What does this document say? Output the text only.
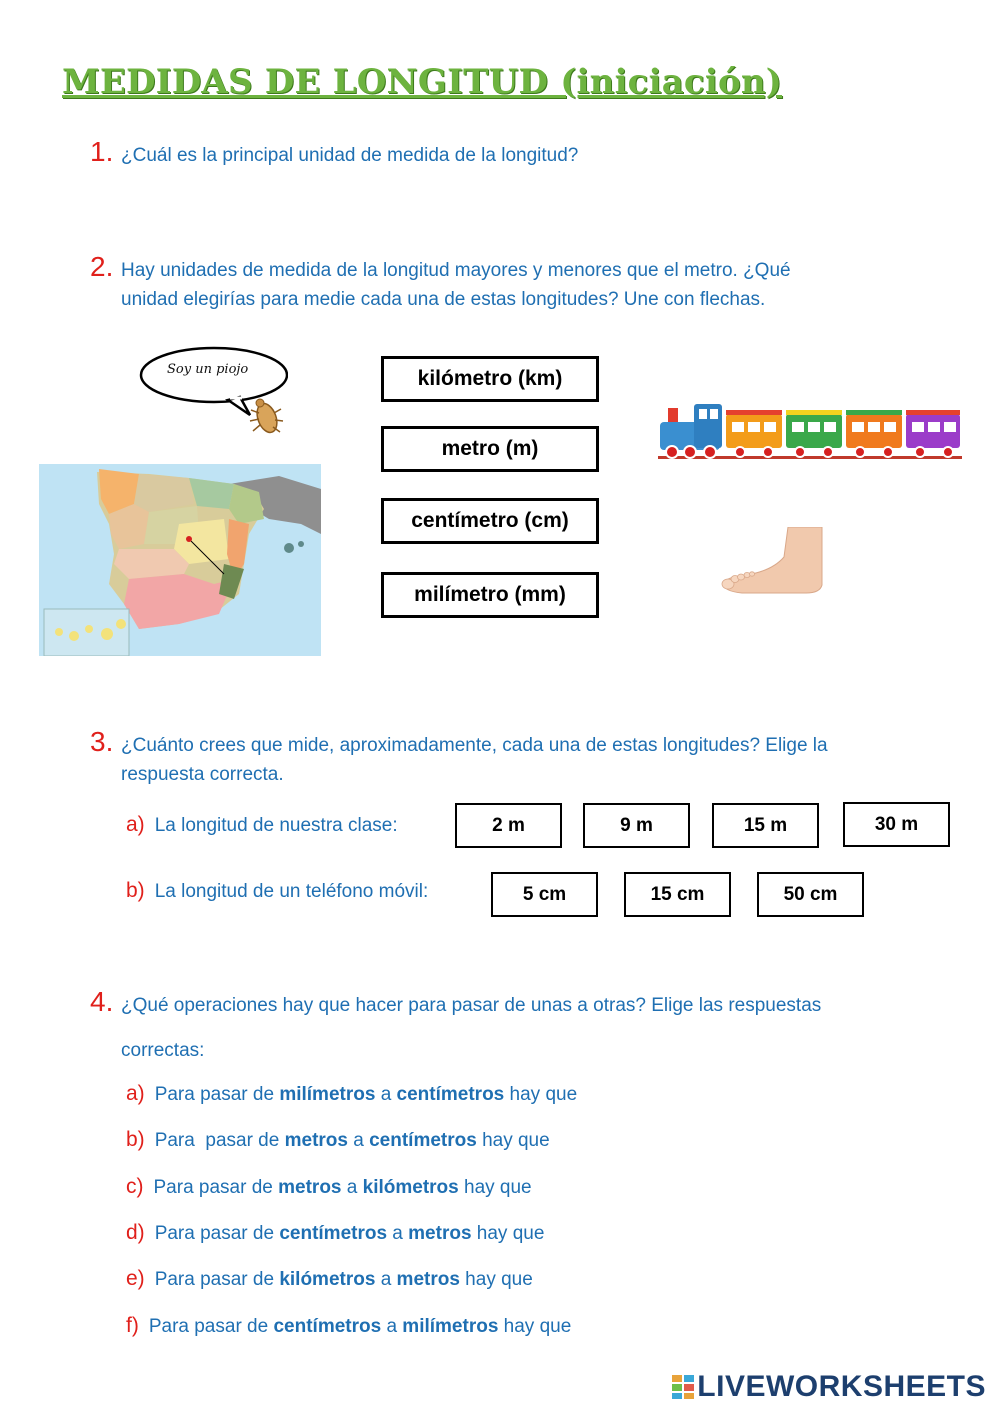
MEDIDAS DE LONGITUD (iniciación)
1. ¿Cuál es la principal unidad de medida de la longitud?
2. Hay unidades de medida de la longitud mayores y menores que el metro. ¿Qué
unidad elegirías para medie cada una de estas longitudes? Une con flechas.
Soy un piojo	kilómetro (km)
metro (m)
centímetro (cm)
milímetro (mm)
3. ¿Cuánto crees que mide, aproximadamente, cada una de estas longitudes? Elige la
respuesta correcta.
a) La longitud de nuestra clase:	2 m	9 m	15 m	30 m
b) La longitud de un teléfono móvil:	5 cm	15 cm	50 cm
4. ¿Qué operaciones hay que hacer para pasar de unas a otras? Elige las respuestas
correctas:
a) Para pasar de milímetros a centímetros hay que
b) Para  pasar de metros a centímetros hay que
c) Para pasar de metros a kilómetros hay que
d) Para pasar de centímetros a metros hay que
e) Para pasar de kilómetros a metros hay que
f) Para pasar de centímetros a milímetros hay que
LIVEWORKSHEETS
